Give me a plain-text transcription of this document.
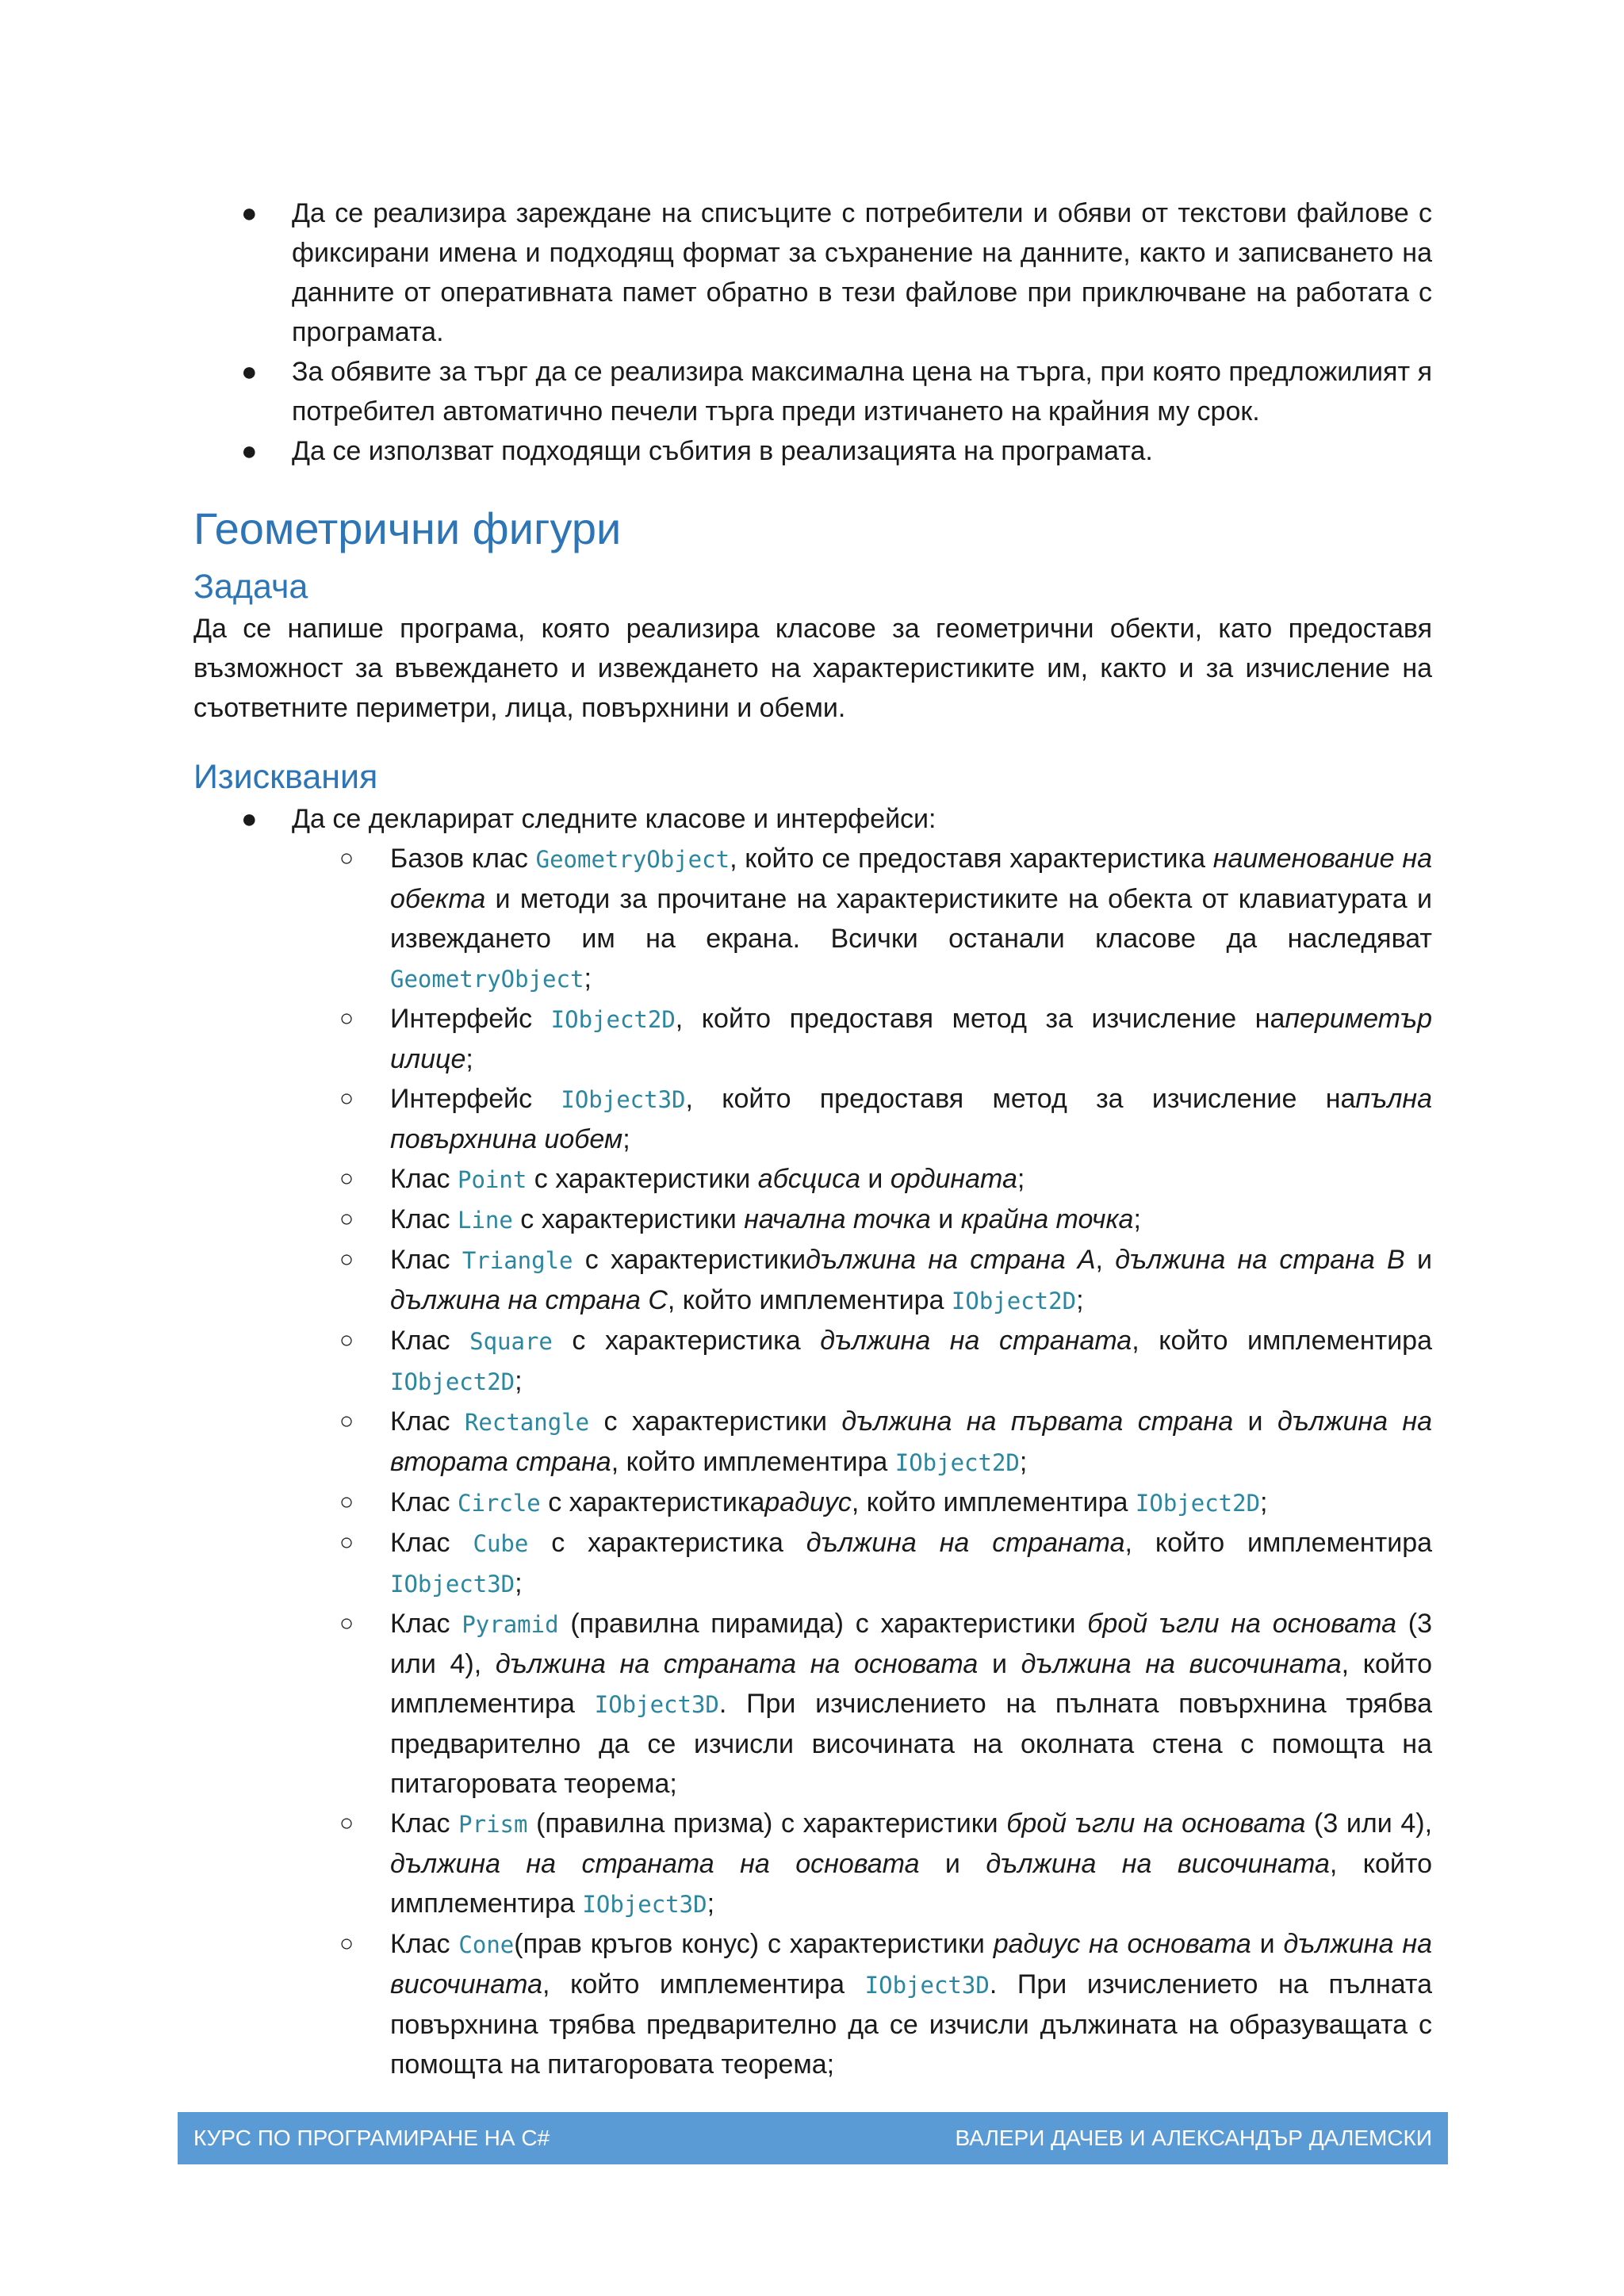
● Да се реализира зареждане на списъците с потребители и обяви от текстови файлове с фиксирани имена и подходящ формат за съхранение на данните, както и записването на данните от оперативната памет обратно в тези файлове при приключване на работата с програмата.
● За обявите за търг да се реализира максимална цена на търга, при която предложилият я потребител автоматично печели търга преди изтичането на крайния му срок.
● Да се използват подходящи събития в реализацията на програмата.
Геометрични фигури
Задача

Да се напише програма, която реализира класове за геометрични обекти, като предоставя възможност за въвеждането и извеждането на характеристиките им, както и за изчисление на съответните периметри, лица, повърхнини и обеми.

Изисквания
● Да се декларират следните класове и интерфейси:
○ Базов клас GeometryObject, който се предоставя характеристика наименование на обекта и методи за прочитане на характеристиките на обекта от клавиатурата и извеждането им на екрана. Всички останали класове да наследяват GeometryObject;
○ Интерфейс IObject2D, който предоставя метод за изчисление напериметър илице;
○ Интерфейс IObject3D, който предоставя метод за изчисление напълна повърхнина иобем;
○ Клас Point с характеристики абсциса и ордината;
○ Клас Line с характеристики начална точка и крайна точка;
○ Клас Triangle с характеристикидължина на страна А, дължина на страна В и дължина на страна С, който имплементира IObject2D;
○ Клас Square с характеристика дължина на страната, който имплементира IObject2D;
○ Клас Rectangle с характеристики дължина на първата страна и дължина на втората страна, който имплементира IObject2D;
○ Клас Circle с характеристикарадиус, който имплементира IObject2D;
○ Клас Cube с характеристика дължина на страната, който имплементира IObject3D;
○ Клас Pyramid (правилна пирамида) с характеристики брой ъгли на основата (3 или 4), дължина на страната на основата и дължина на височината, който имплементира IObject3D. При изчислението на пълната повърхнина трябва предварително да се изчисли височината на околната стена с помощта на питагоровата теорема;
○ Клас Prism (правилна призма) с характеристики брой ъгли на основата (3 или 4), дължина на страната на основата и дължина на височината, който имплементира IObject3D;
○ Клас Cone(прав кръгов конус) с характеристики радиус на основата и дължина на височината, който имплементира IObject3D. При изчислението на пълната повърхнина трябва предварително да се изчисли дължината на образуващата с помощта на питагоровата теорема;
КУРС ПО ПРОГРАМИРАНЕ НА C#	ВАЛЕРИ ДАЧЕВ И АЛЕКСАНДЪР ДАЛЕМСКИ
